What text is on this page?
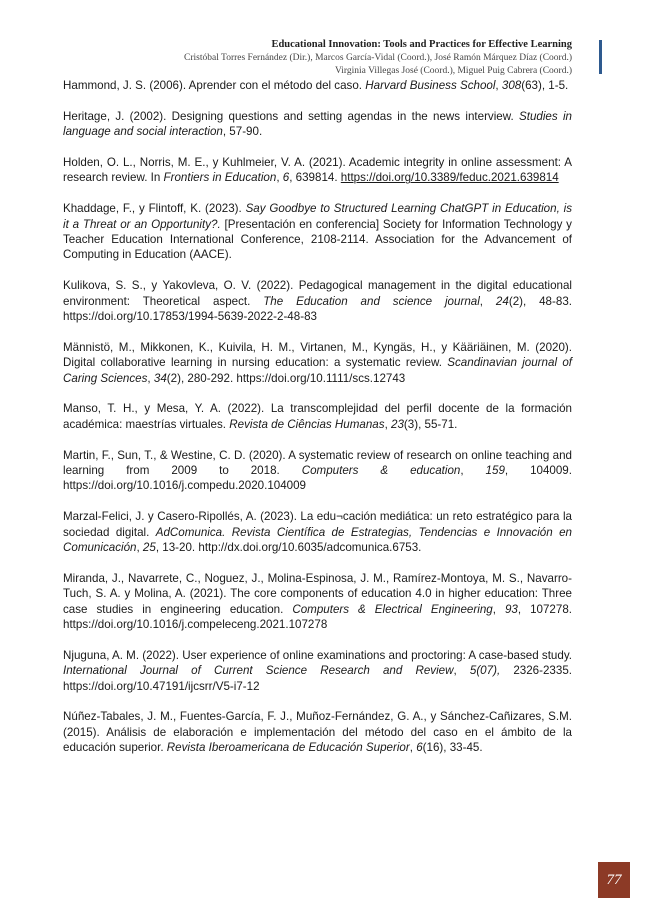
Educational Innovation: Tools and Practices for Effective Learning
Cristóbal Torres Fernández (Dir.), Marcos García-Vidal (Coord.), José Ramón Márquez Díaz (Coord.)
Virginia Villegas José (Coord.), Miguel Puig Cabrera (Coord.)

Hammond, J. S. (2006). Aprender con el método del caso. Harvard Business School, 308(63), 1-5.

Heritage, J. (2002). Designing questions and setting agendas in the news interview. Studies in language and social interaction, 57-90.

Holden, O. L., Norris, M. E., y Kuhlmeier, V. A. (2021). Academic integrity in online assessment: A research review. In Frontiers in Education, 6, 639814. https://doi.org/10.3389/feduc.2021.639814

Khaddage, F., y Flintoff, K. (2023). Say Goodbye to Structured Learning ChatGPT in Education, is it a Threat or an Opportunity?. [Presentación en conferencia] Society for Information Technology y Teacher Education International Conference, 2108-2114. Association for the Advancement of Computing in Education (AACE).

Kulikova, S. S., y Yakovleva, O. V. (2022). Pedagogical management in the digital educational environment: Theoretical aspect. The Education and science journal, 24(2), 48-83. https://doi.org/10.17853/1994-5639-2022-2-48-83

Männistö, M., Mikkonen, K., Kuivila, H. M., Virtanen, M., Kyngäs, H., y Kääriäinen, M. (2020). Digital collaborative learning in nursing education: a systematic review. Scandinavian journal of Caring Sciences, 34(2), 280-292. https://doi.org/10.1111/scs.12743

Manso, T. H., y Mesa, Y. A. (2022). La transcomplejidad del perfil docente de la formación académica: maestrías virtuales. Revista de Ciências Humanas, 23(3), 55-71.

Martin, F., Sun, T., & Westine, C. D. (2020). A systematic review of research on online teaching and learning from 2009 to 2018. Computers & education, 159, 104009. https://doi.org/10.1016/j.compedu.2020.104009

Marzal-Felici, J. y Casero-Ripollés, A. (2023). La edu¬cación mediática: un reto estratégico para la sociedad digital. AdComunica. Revista Científica de Estrategias, Tendencias e Innovación en Comunicación, 25, 13-20. http://dx.doi.org/10.6035/adcomunica.6753.

Miranda, J., Navarrete, C., Noguez, J., Molina-Espinosa, J. M., Ramírez-Montoya, M. S., Navarro-Tuch, S. A. y Molina, A. (2021). The core components of education 4.0 in higher education: Three case studies in engineering education. Computers & Electrical Engineering, 93, 107278. https://doi.org/10.1016/j.compeleceng.2021.107278

Njuguna, A. M. (2022). User experience of online examinations and proctoring: A case-based study. International Journal of Current Science Research and Review, 5(07), 2326-2335. https://doi.org/10.47191/ijcsrr/V5-i7-12

Núñez-Tabales, J. M., Fuentes-García, F. J., Muñoz-Fernández, G. A., y Sánchez-Cañizares, S.M. (2015). Análisis de elaboración e implementación del método del caso en el ámbito de la educación superior. Revista Iberoamericana de Educación Superior, 6(16), 33-45.

77
